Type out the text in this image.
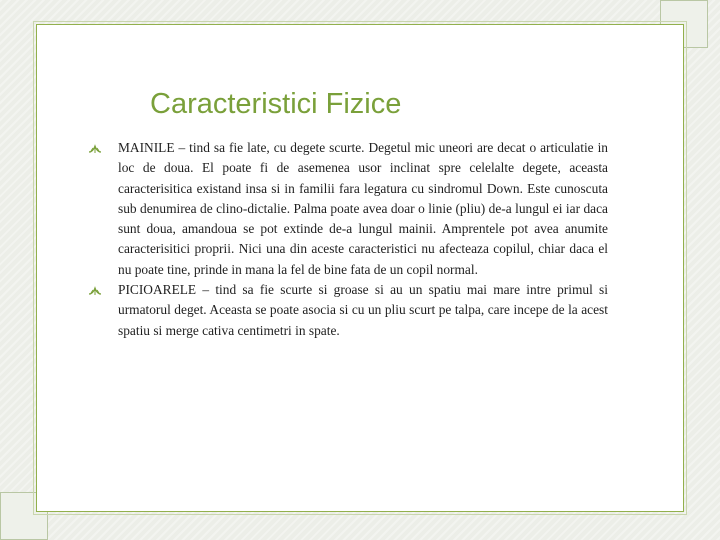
Caracteristici Fizice
MAINILE – tind sa fie late, cu degete scurte. Degetul mic uneori are decat o articulatie in loc de doua. El poate fi de asemenea usor inclinat spre celelalte degete, aceasta caracterisitica existand insa si in familii fara legatura cu sindromul Down. Este cunoscuta sub denumirea de clino-dictalie. Palma poate avea doar o linie (pliu) de-a lungul ei iar daca sunt doua, amandoua se pot extinde de-a lungul mainii. Amprentele pot avea anumite caracterisitici proprii. Nici una din aceste caracteristici nu afecteaza copilul, chiar daca el nu poate tine, prinde in mana la fel de bine fata de un copil normal.
PICIOARELE – tind sa fie scurte si groase si au un spatiu mai mare intre primul si urmatorul deget. Aceasta se poate asocia si cu un pliu scurt pe talpa, care incepe de la acest spatiu si merge cativa centimetri in spate.
